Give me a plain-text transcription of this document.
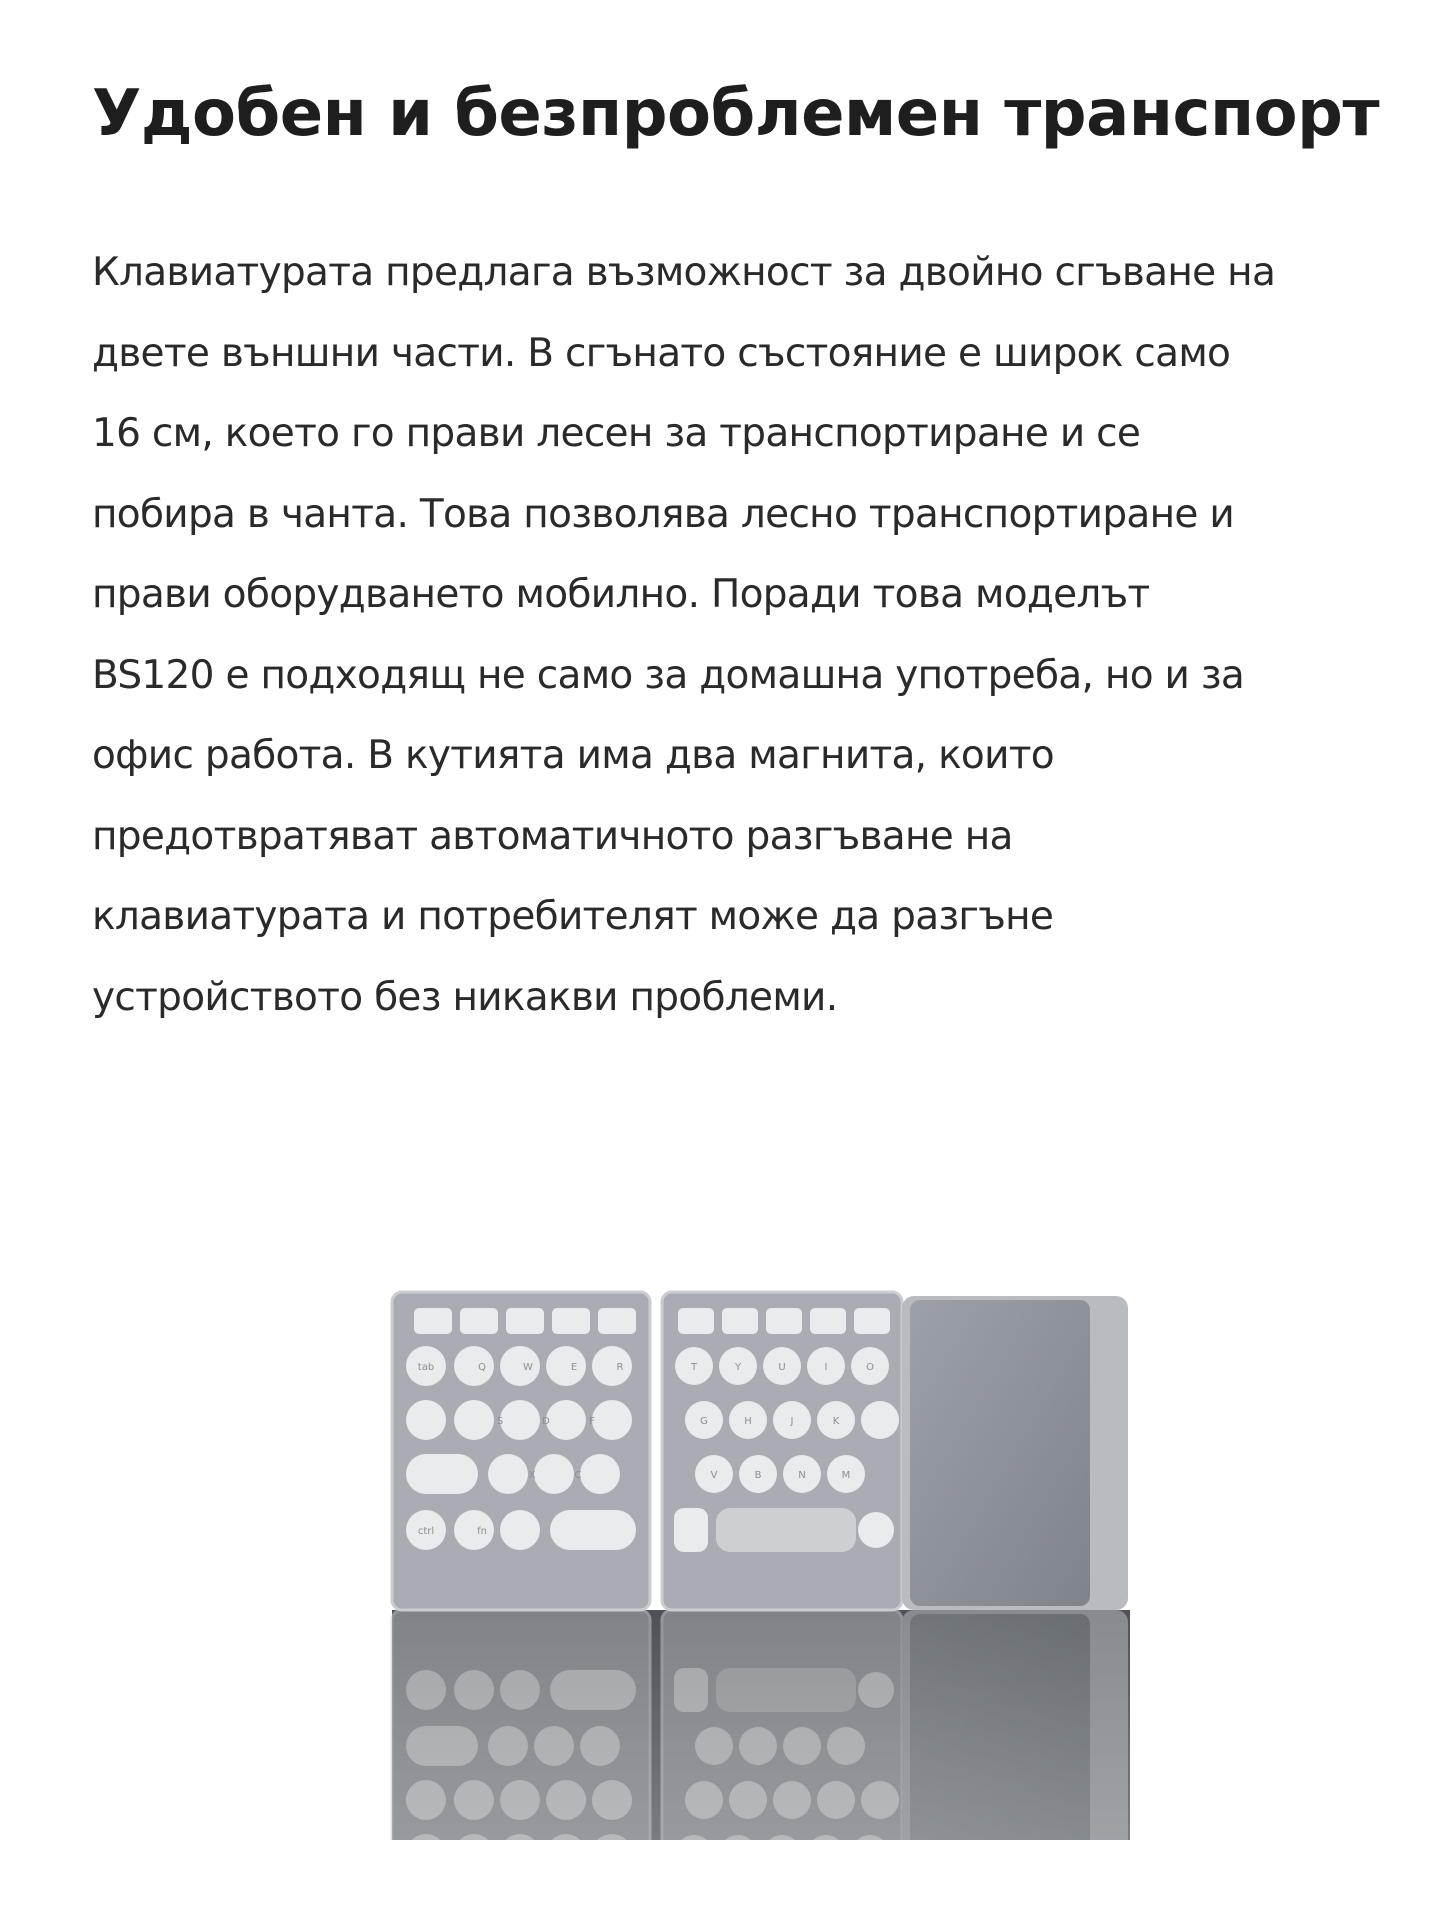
Удобен и безпроблемен транспорт
Клавиатурата предлага възможност за двойно сгъване на
двете външни части. В сгънато състояние е широк само
16 см, което го прави лесен за транспортиране и се
побира в чанта. Това позволява лесно транспортиране и
прави оборудването мобилно. Поради това моделът
BS120 е подходящ не само за домашна употреба, но и за
офис работа. В кутията има два магнита, които
предотвратяват автоматичното разгъване на
клавиатурата и потребителят може да разгъне
устройството без никакви проблеми.
Q	W	E	R
S	D	F
X	C
tab
ctrl	fn
T	Y	U	I	O
G	H	J	K
V	B	N	M
